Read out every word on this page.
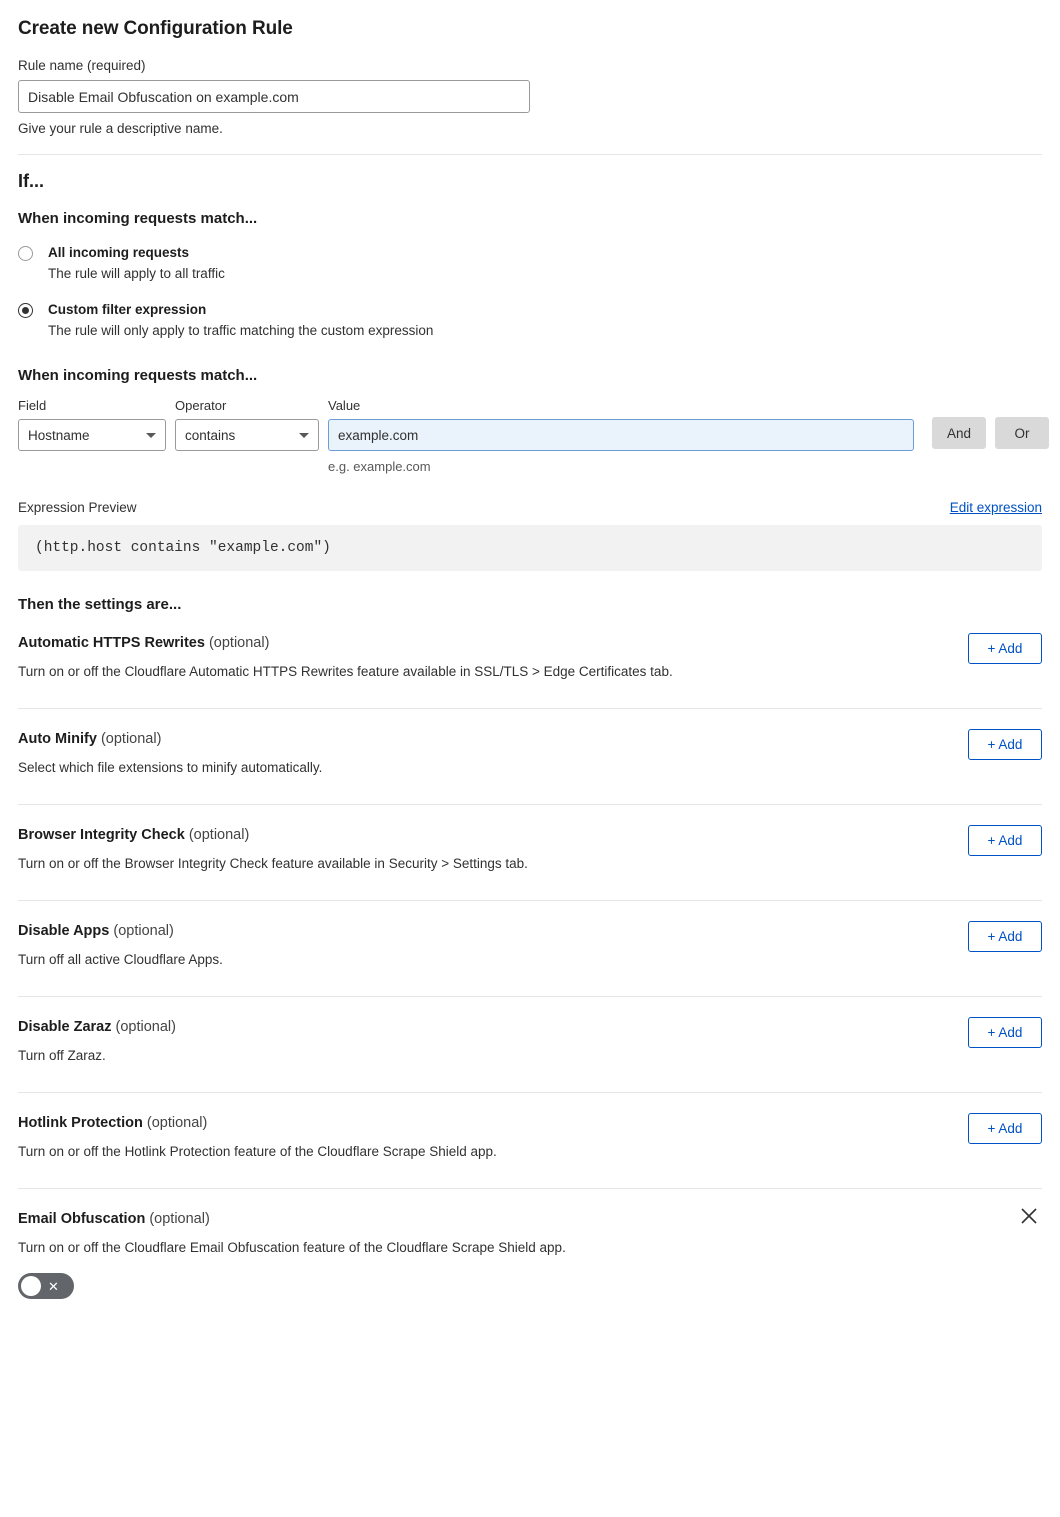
Create new Configuration Rule
Rule name (required)
Disable Email Obfuscation on example.com
Give your rule a descriptive name.
If...
When incoming requests match...
All incoming requests
The rule will apply to all traffic
Custom filter expression
The rule will only apply to traffic matching the custom expression
When incoming requests match...
Field
Hostname
Operator
contains
Value
example.com
e.g. example.com
And	Or
Expression Preview	Edit expression
(http.host contains "example.com")
Then the settings are...
Automatic HTTPS Rewrites (optional)
Turn on or off the Cloudflare Automatic HTTPS Rewrites feature available in SSL/TLS > Edge Certificates tab.
+ Add
Auto Minify (optional)
Select which file extensions to minify automatically.
+ Add
Browser Integrity Check (optional)
Turn on or off the Browser Integrity Check feature available in Security > Settings tab.
+ Add
Disable Apps (optional)
Turn off all active Cloudflare Apps.
+ Add
Disable Zaraz (optional)
Turn off Zaraz.
+ Add
Hotlink Protection (optional)
Turn on or off the Hotlink Protection feature of the Cloudflare Scrape Shield app.
+ Add
Email Obfuscation (optional)
Turn on or off the Cloudflare Email Obfuscation feature of the Cloudflare Scrape Shield app.
✕
